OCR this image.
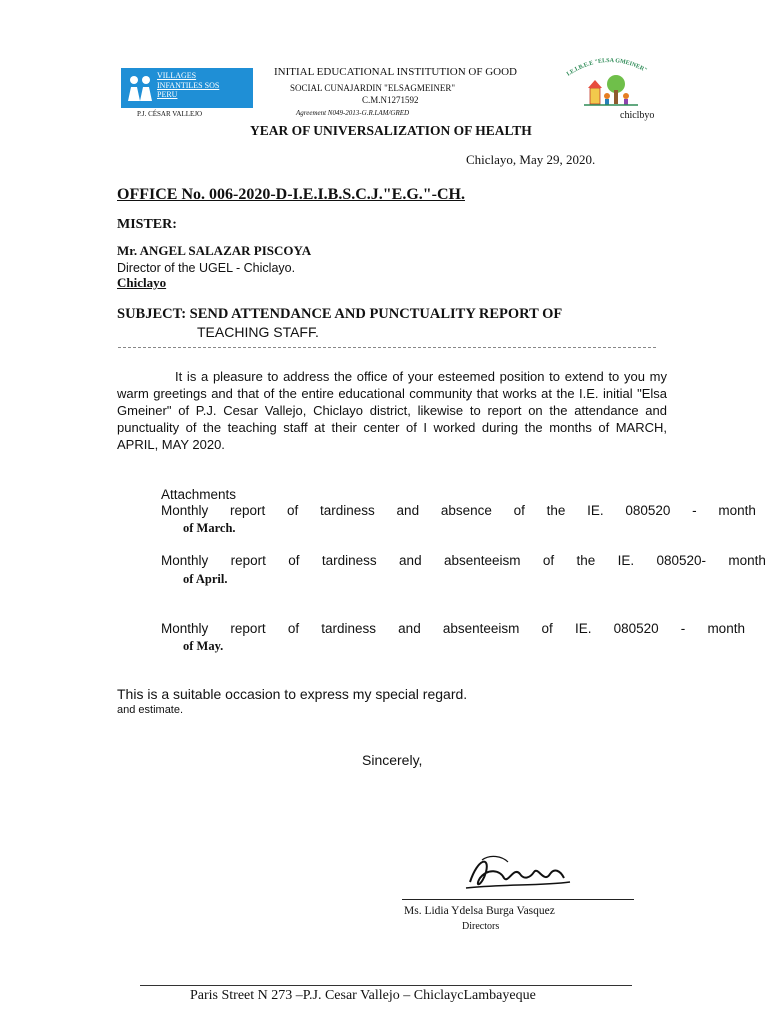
VILLAGES
INFANTILES SOS
PERU
P.J. CÉSAR VALLEJO
INITIAL EDUCATIONAL INSTITUTION OF GOOD
SOCIAL CUNAJARDIN "ELSAGMEINER"
C.M.N1271592
Agreement N049-2013-G.R.LAM/GRED
I.E.I.B.E.E "ELSA GMEINER"
chiclbyo
YEAR OF UNIVERSALIZATION OF HEALTH
Chiclayo, May 29, 2020.
OFFICE No. 006-2020-D-I.E.I.B.S.C.J."E.G."-CH.
MISTER:
Mr. ANGEL SALAZAR PISCOYA
Director of the UGEL - Chiclayo.
Chiclayo
SUBJECT: SEND ATTENDANCE AND PUNCTUALITY REPORT OF
TEACHING STAFF.

It is a pleasure to address the office of your esteemed position to extend to you my warm greetings and that of the entire educational community that works at the I.E. initial "Elsa Gmeiner" of P.J. Cesar Vallejo, Chiclayo district, likewise to report on the attendance and punctuality of the teaching staff at their center of I worked during the months of MARCH, APRIL, MAY 2020.

Attachments
Monthly report of tardiness and absence of the IE. 080520 - month
of March.
Monthly report of tardiness and absenteeism of the IE. 080520- month
of April.
Monthly report of tardiness and absenteeism of IE. 080520 - month
of May.
This is a suitable occasion to express my special regard.
and estimate.
Sincerely,
Ms. Lidia Ydelsa Burga Vasquez
Directors
Paris Street N 273 –P.J. Cesar Vallejo – ChiclaycLambayeque
